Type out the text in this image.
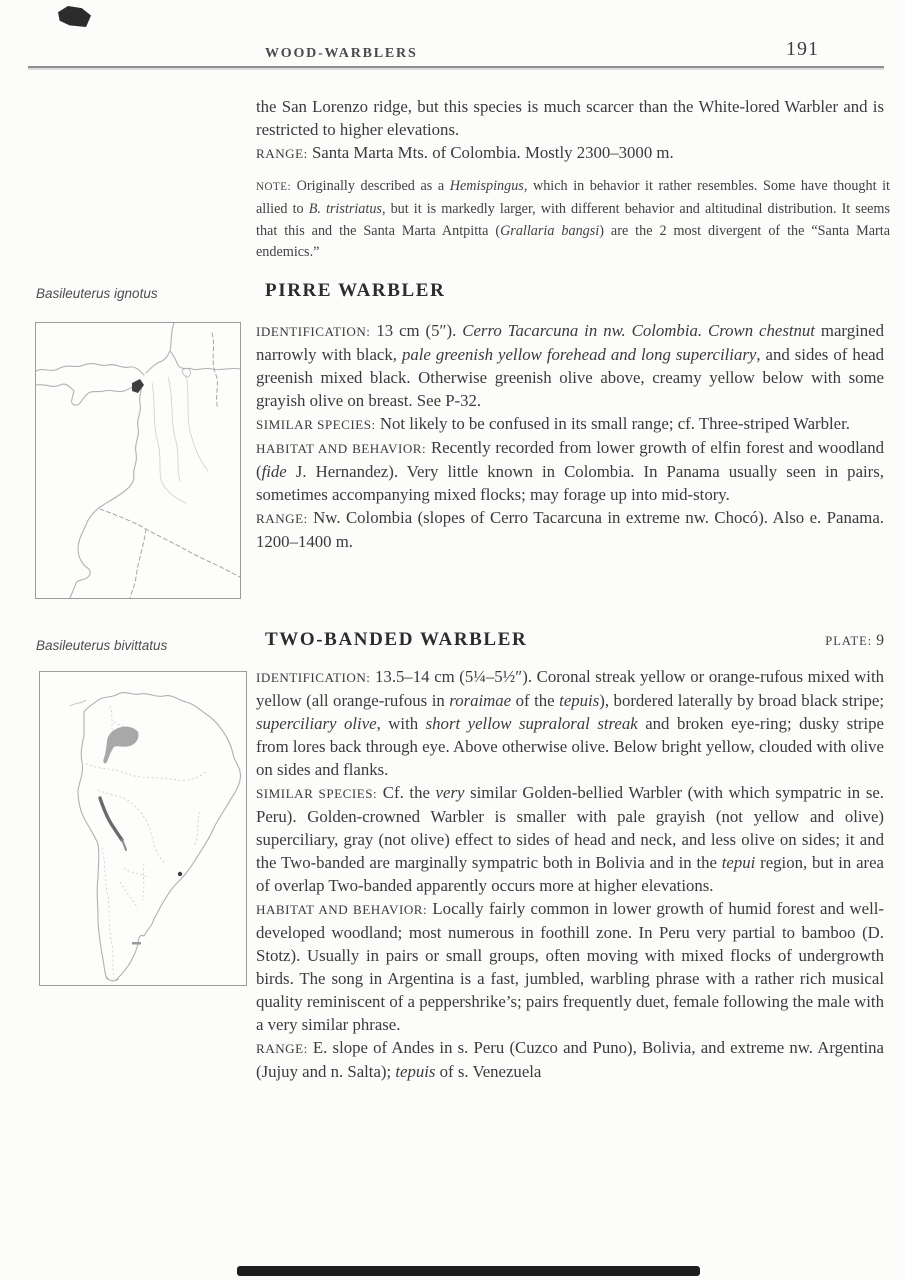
WOOD-WARBLERS	191

the San Lorenzo ridge, but this species is much scarcer than the White-lored Warbler and is restricted to higher elevations.

RANGE: Santa Marta Mts. of Colombia. Mostly 2300–3000 m.

NOTE: Originally described as a Hemispingus, which in behavior it rather resembles. Some have thought it allied to B. tristriatus, but it is markedly larger, with different behavior and altitudinal distribution. It seems that this and the Santa Marta Antpitta (Grallaria bangsi) are the 2 most divergent of the “Santa Marta endemics.”

Basileuterus ignotus	PIRRE WARBLER

IDENTIFICATION: 13 cm (5″). Cerro Tacarcuna in nw. Colombia. Crown chestnut margined narrowly with black, pale greenish yellow forehead and long superciliary, and sides of head greenish mixed black. Otherwise greenish olive above, creamy yellow below with some grayish olive on breast. See P-32.

SIMILAR SPECIES: Not likely to be confused in its small range; cf. Three-striped Warbler.

HABITAT AND BEHAVIOR: Recently recorded from lower growth of elfin forest and woodland (fide J. Hernandez). Very little known in Colombia. In Panama usually seen in pairs, sometimes accompanying mixed flocks; may forage up into mid-story.

RANGE: Nw. Colombia (slopes of Cerro Tacarcuna in extreme nw. Chocó). Also e. Panama. 1200–1400 m.

Basileuterus bivittatus	TWO-BANDED WARBLER	PLATE: 9

IDENTIFICATION: 13.5–14 cm (5¼–5½″). Coronal streak yellow or orange-rufous mixed with yellow (all orange-rufous in roraimae of the tepuis), bordered laterally by broad black stripe; superciliary olive, with short yellow supraloral streak and broken eye-ring; dusky stripe from lores back through eye. Above otherwise olive. Below bright yellow, clouded with olive on sides and flanks.

SIMILAR SPECIES: Cf. the very similar Golden-bellied Warbler (with which sympatric in se. Peru). Golden-crowned Warbler is smaller with pale grayish (not yellow and olive) superciliary, gray (not olive) effect to sides of head and neck, and less olive on sides; it and the Two-banded are marginally sympatric both in Bolivia and in the tepui region, but in area of overlap Two-banded apparently occurs more at higher elevations.

HABITAT AND BEHAVIOR: Locally fairly common in lower growth of humid forest and well-developed woodland; most numerous in foothill zone. In Peru very partial to bamboo (D. Stotz). Usually in pairs or small groups, often moving with mixed flocks of undergrowth birds. The song in Argentina is a fast, jumbled, warbling phrase with a rather rich musical quality reminiscent of a peppershrike’s; pairs frequently duet, female following the male with a very similar phrase.

RANGE: E. slope of Andes in s. Peru (Cuzco and Puno), Bolivia, and extreme nw. Argentina (Jujuy and n. Salta); tepuis of s. Venezuela
